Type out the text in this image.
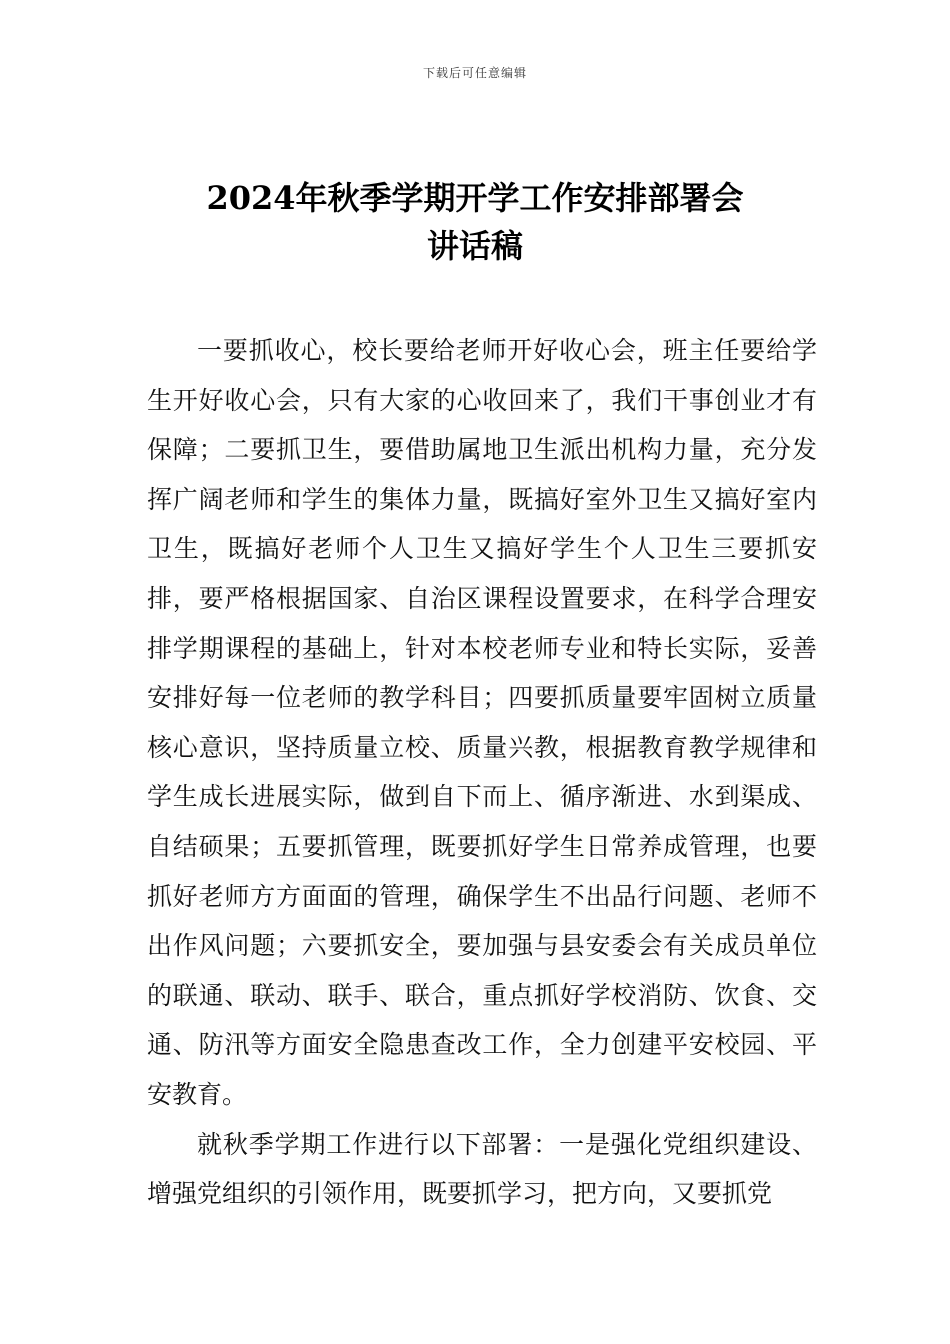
下载后可任意编辑
2024年秋季学期开学工作安排部署会
讲话稿

一要抓收心，校长要给老师开好收心会，班主任要给学生开好收心会，只有大家的心收回来了，我们干事创业才有保障；二要抓卫生，要借助属地卫生派出机构力量，充分发挥广阔老师和学生的集体力量，既搞好室外卫生又搞好室内卫生，既搞好老师个人卫生又搞好学生个人卫生三要抓安排，要严格根据国家、自治区课程设置要求，在科学合理安排学期课程的基础上，针对本校老师专业和特长实际，妥善安排好每一位老师的教学科目；四要抓质量要牢固树立质量核心意识，坚持质量立校、质量兴教，根据教育教学规律和学生成长进展实际，做到自下而上、循序渐进、水到渠成、自结硕果；五要抓管理，既要抓好学生日常养成管理，也要抓好老师方方面面的管理，确保学生不出品行问题、老师不出作风问题；六要抓安全，要加强与县安委会有关成员单位的联通、联动、联手、联合，重点抓好学校消防、饮食、交通、防汛等方面安全隐患查改工作，全力创建平安校园、平安教育。

就秋季学期工作进行以下部署：一是强化党组织建设、增强党组织的引领作用，既要抓学习，把方向，又要抓党
